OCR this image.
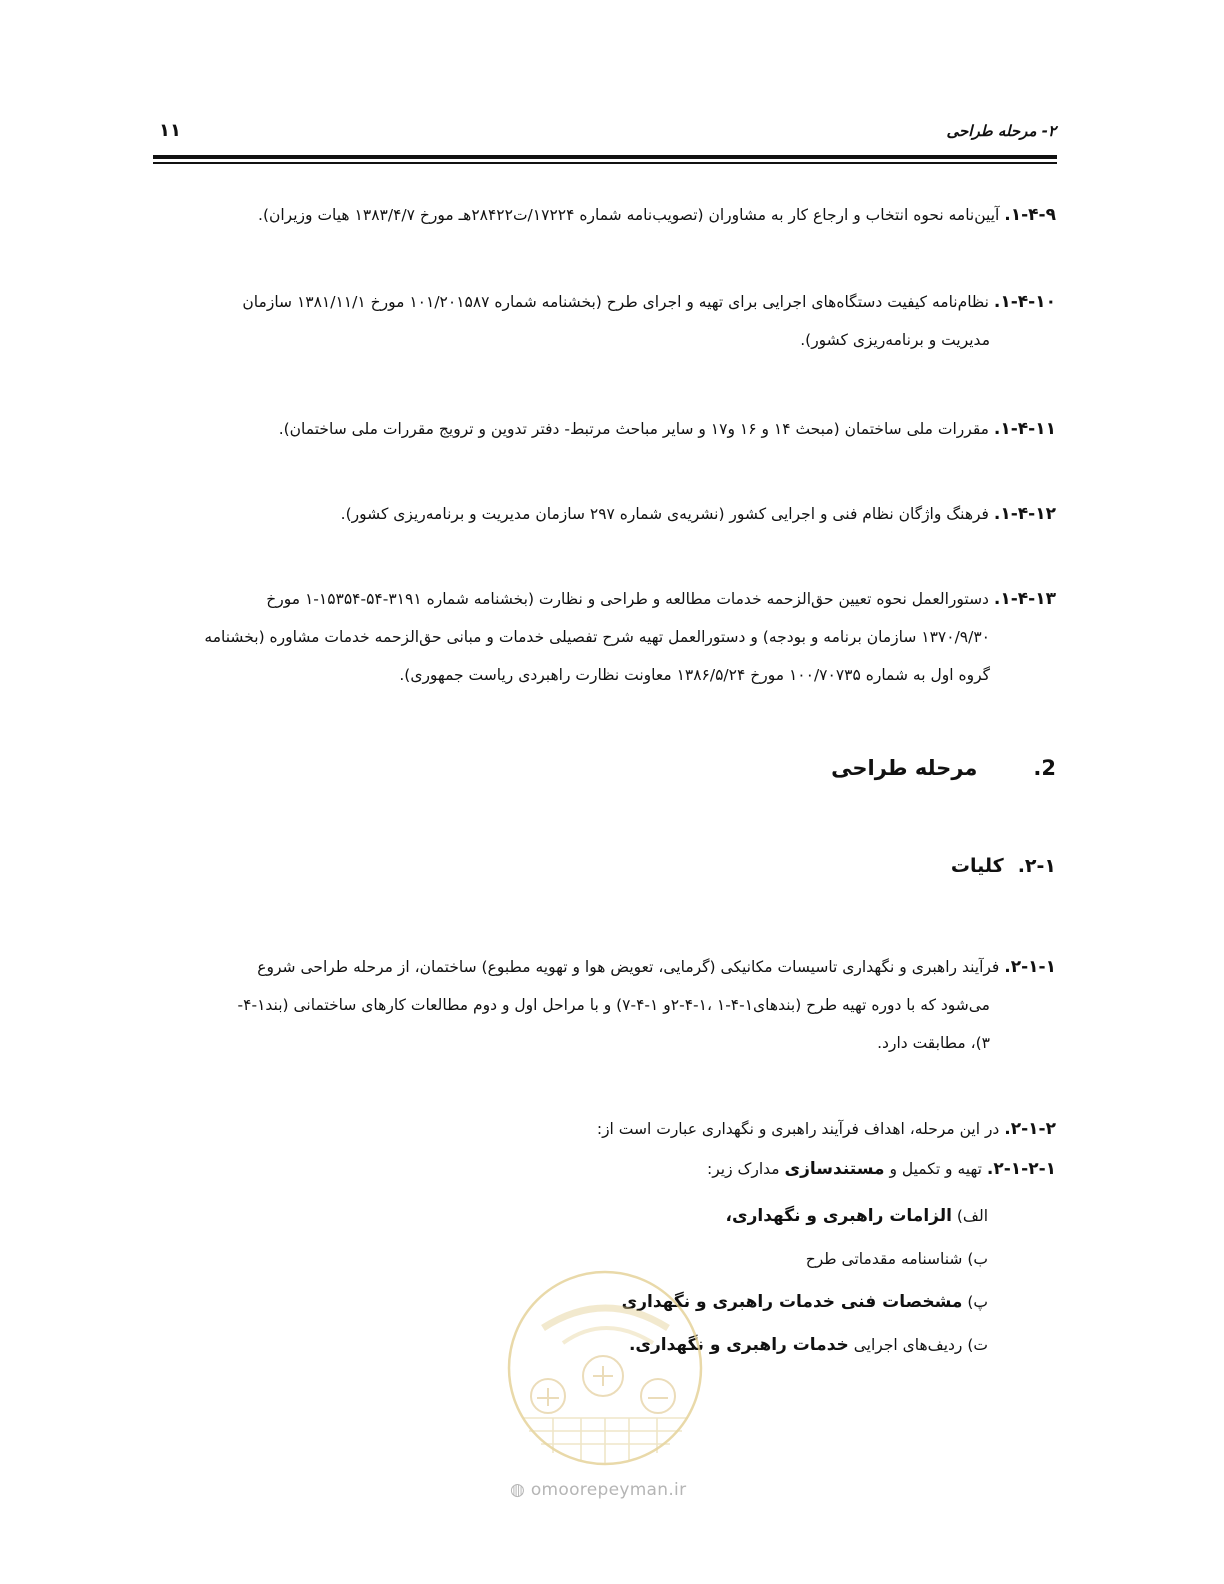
۲- مرحله طراحی
۱۱
۱-۴-۹. آیین‌نامه نحوه انتخاب و ارجاع کار به مشاوران (تصویب‌نامه شماره ۱۷۲۲۴/ت۲۸۴۲۲هـ مورخ ۱۳۸۳/۴/۷ هیات وزیران).
۱-۴-۱۰. نظام‌نامه کیفیت دستگاه‌های اجرایی برای تهیه و اجرای طرح (بخشنامه شماره ۱۰۱/۲۰۱۵۸۷ مورخ ۱۳۸۱/۱۱/۱ سازمان
مدیریت و برنامه‌ریزی کشور).
۱-۴-۱۱. مقررات ملی ساختمان (مبحث ۱۴ و ۱۶ و۱۷ و سایر مباحث مرتبط- دفتر تدوین و ترویج مقررات ملی ساختمان).
۱-۴-۱۲. فرهنگ واژگان نظام فنی و اجرایی کشور (نشریه‌ی شماره ۲۹۷ سازمان مدیریت و برنامه‌ریزی کشور).
۱-۴-۱۳. دستورالعمل نحوه تعیین حق‌الزحمه خدمات مطالعه و طراحی و نظارت (بخشنامه شماره ۳۱۹۱-۵۴-۱۵۳۵۴-۱ مورخ
۱۳۷۰/۹/۳۰ سازمان برنامه و بودجه) و دستورالعمل تهیه شرح تفصیلی خدمات و مبانی حق‌الزحمه خدمات مشاوره (بخشنامه
گروه اول به شماره ۱۰۰/۷۰۷۳۵ مورخ ۱۳۸۶/۵/۲۴ معاونت نظارت راهبردی ریاست جمهوری).
2.مرحله طراحی
۲-۱.کلیات
۲-۱-۱. فرآیند راهبری و نگهداری تاسیسات مکانیکی (گرمایی، تعویض هوا و تهویه مطبوع) ساختمان، از مرحله طراحی شروع
می‌شود که با دوره تهیه طرح (بندهای۱-۴-۱ ،۱-۴-۲و ۱-۴-۷) و با مراحل اول و دوم مطالعات کارهای ساختمانی (بند۱-۴-
۳)، مطابقت دارد.
۲-۱-۲. در این مرحله، اهداف فرآیند راهبری و نگهداری عبارت است از:
۲-۱-۲-۱. تهیه و تکمیل و مستندسازی مدارک زیر:
الف) الزامات راهبری و نگهداری،
ب) شناسنامه مقدماتی طرح
پ) مشخصات فنی خدمات راهبری و نگهداری
ت) ردیف‌های اجرایی خدمات راهبری و نگهداری.
◍ omoorepeyman.ir
